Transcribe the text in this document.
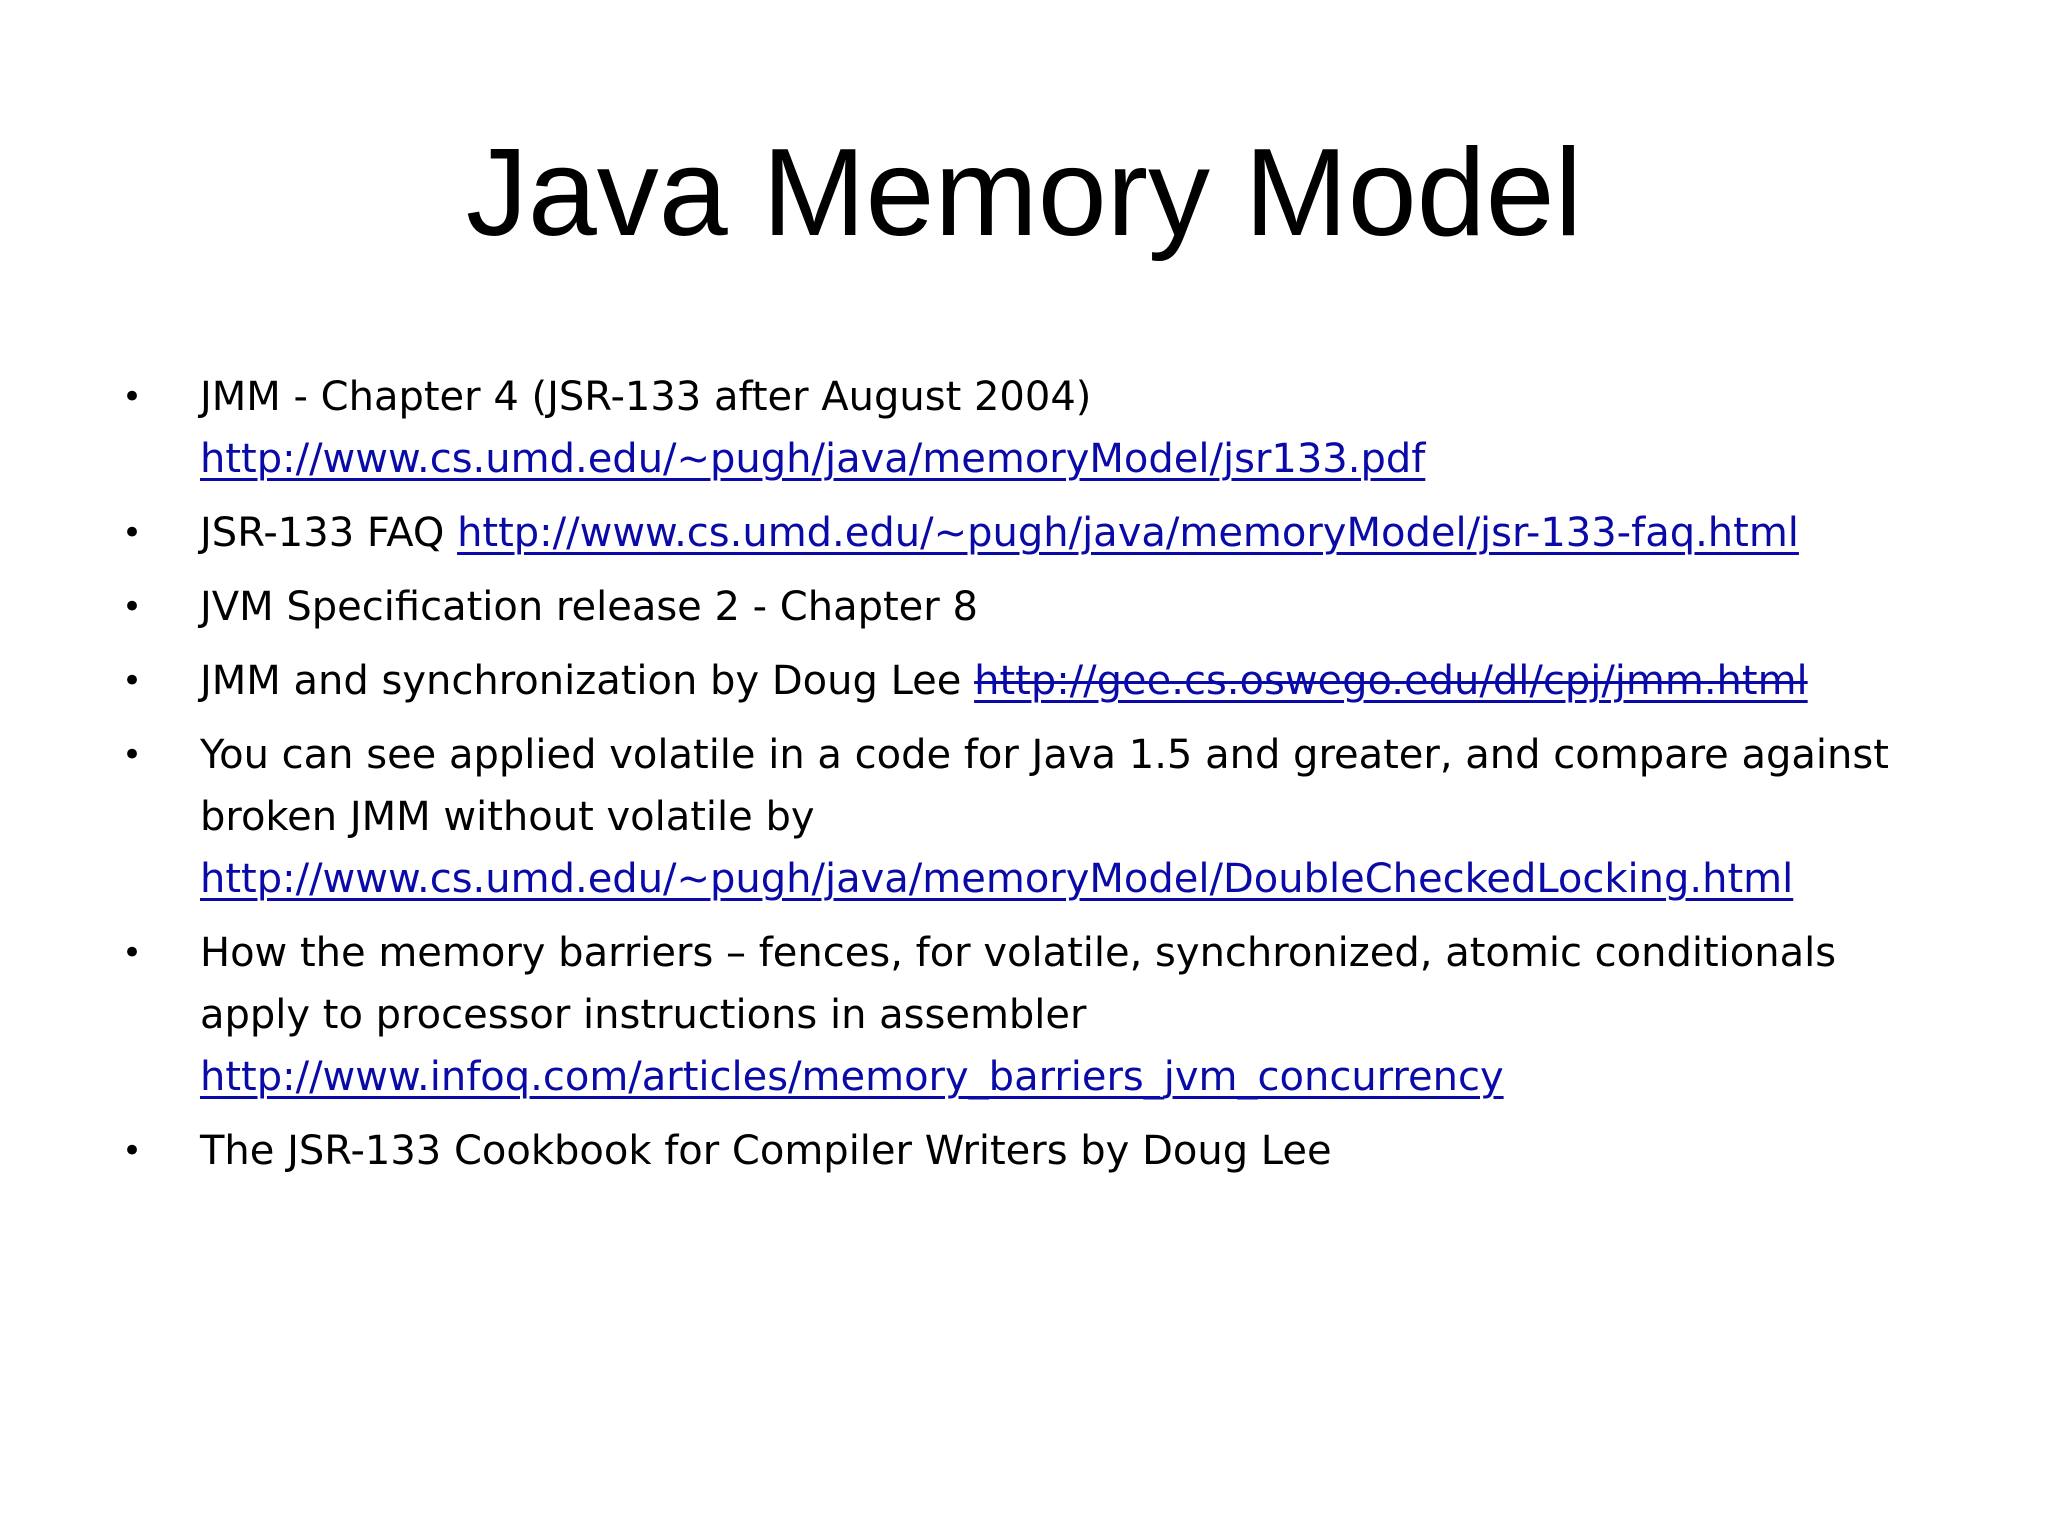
Java Memory Model
• JMM - Chapter 4 (JSR-133 after August 2004)
http://www.cs.umd.edu/~pugh/java/memoryModel/jsr133.pdf
• JSR-133 FAQ http://www.cs.umd.edu/~pugh/java/memoryModel/jsr-133-faq.html
• JVM Specification release 2 - Chapter 8
• JMM and synchronization by Doug Lee http://gee.cs.oswego.edu/dl/cpj/jmm.html
• You can see applied volatile in a code for Java 1.5 and greater, and compare against
broken JMM without volatile by
http://www.cs.umd.edu/~pugh/java/memoryModel/DoubleCheckedLocking.html
• How the memory barriers – fences, for volatile, synchronized, atomic conditionals
apply to processor instructions in assembler
http://www.infoq.com/articles/memory_barriers_jvm_concurrency
• The JSR-133 Cookbook for Compiler Writers by Doug Lee
